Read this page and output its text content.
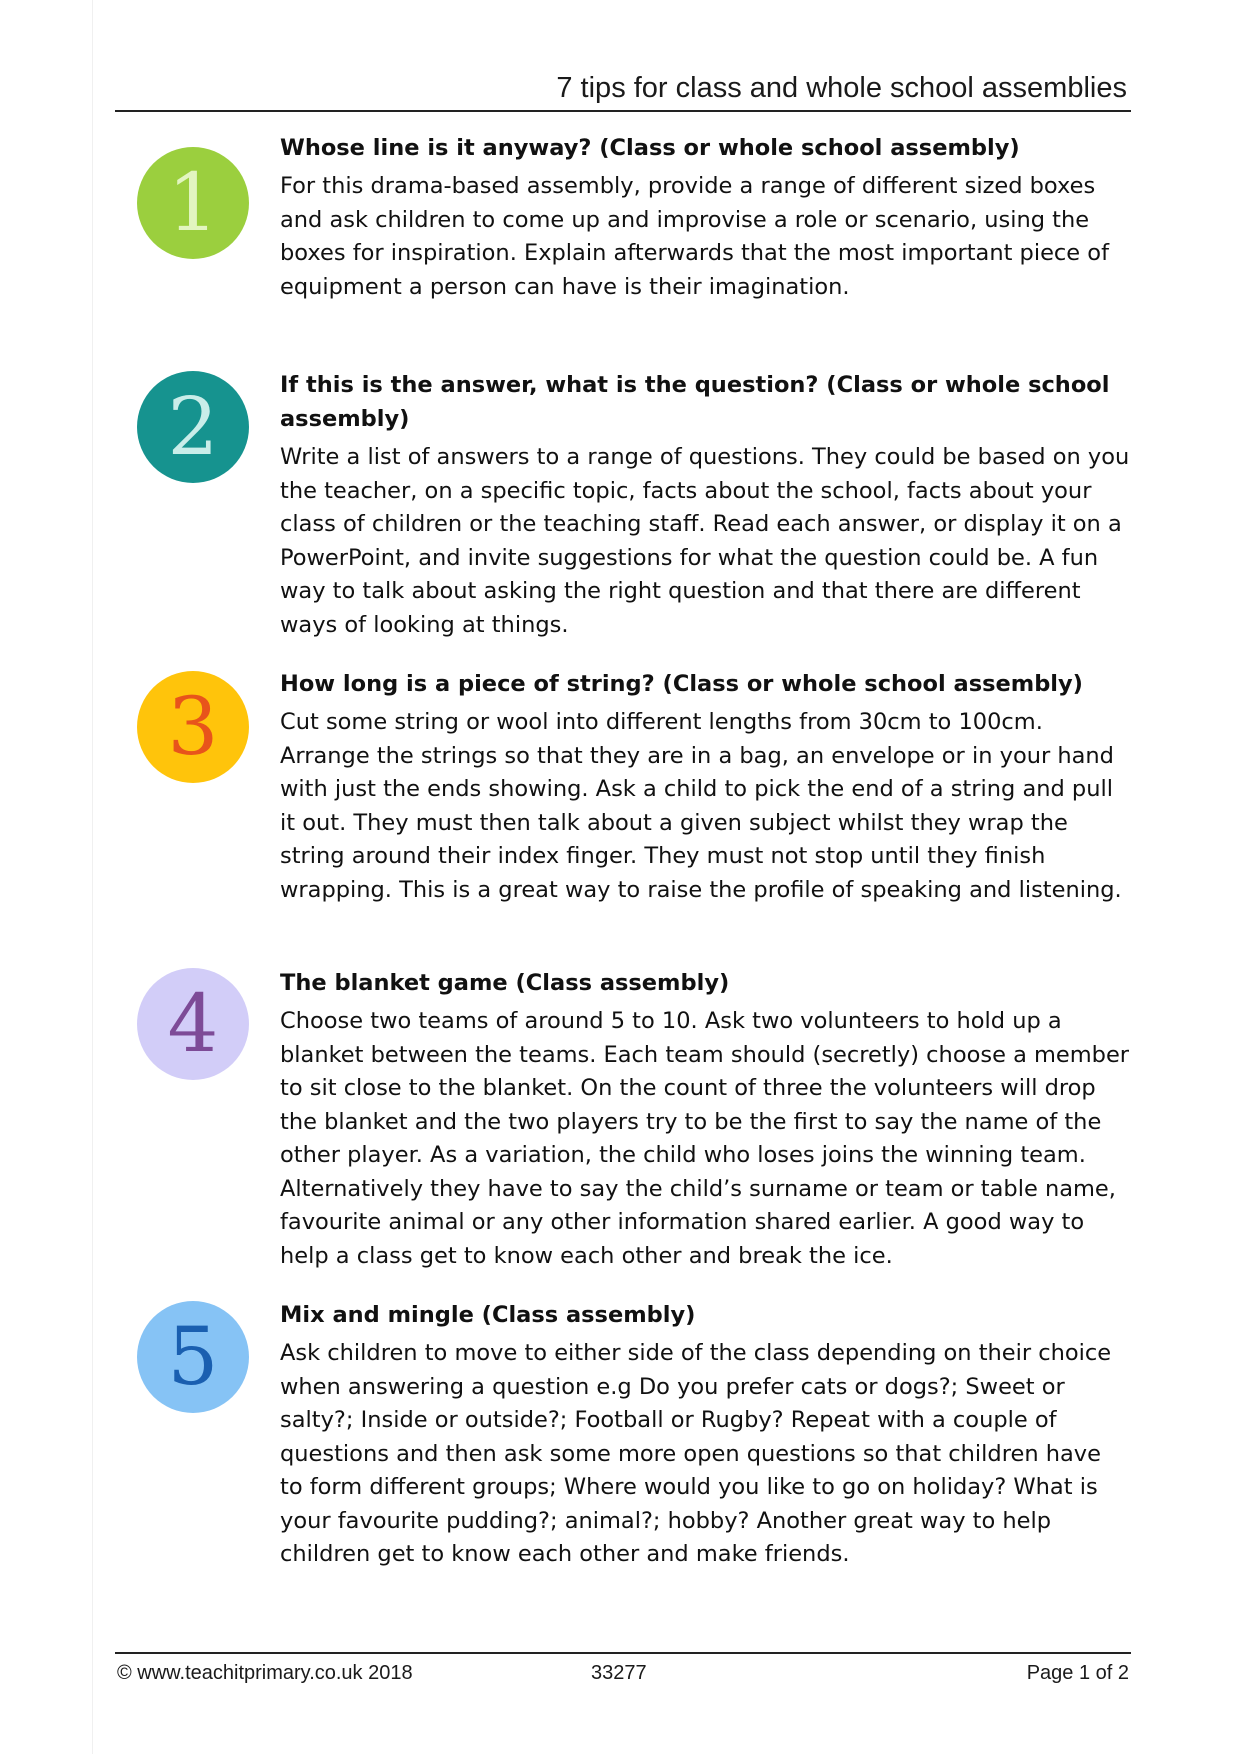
7 tips for class and whole school assemblies
1

Whose line is it anyway? (Class or whole school assembly)

For this drama-based assembly, provide a range of different sized boxes and ask children to come up and improvise a role or scenario, using the boxes for inspiration. Explain afterwards that the most important piece of equipment a person can have is their imagination.

2	If this is the answer, what is the question? (Class or whole school assembly)

Write a list of answers to a range of questions. They could be based on you the teacher, on a specific topic, facts about the school, facts about your class of children or the teaching staff. Read each answer, or display it on a PowerPoint, and invite suggestions for what the question could be. A fun way to talk about asking the right question and that there are different ways of looking at things.

3	How long is a piece of string? (Class or whole school assembly)

Cut some string or wool into different lengths from 30cm to 100cm. Arrange the strings so that they are in a bag, an envelope or in your hand with just the ends showing. Ask a child to pick the end of a string and pull it out. They must then talk about a given subject whilst they wrap the string around their index finger. They must not stop until they finish wrapping. This is a great way to raise the profile of speaking and listening.

4	The blanket game (Class assembly)

Choose two teams of around 5 to 10. Ask two volunteers to hold up a blanket between the teams. Each team should (secretly) choose a member to sit close to the blanket. On the count of three the volunteers will drop the blanket and the two players try to be the first to say the name of the other player. As a variation, the child who loses joins the winning team. Alternatively they have to say the child’s surname or team or table name, favourite animal or any other information shared earlier. A good way to help a class get to know each other and break the ice.

5	Mix and mingle (Class assembly)

Ask children to move to either side of the class depending on their choice when answering a question e.g Do you prefer cats or dogs?; Sweet or salty?; Inside or outside?; Football or Rugby? Repeat with a couple of questions and then ask some more open questions so that children have to form different groups; Where would you like to go on holiday? What is your favourite pudding?; animal?; hobby? Another great way to help children get to know each other and make friends.

© www.teachitprimary.co.uk 2018	33277	Page 1 of 2
